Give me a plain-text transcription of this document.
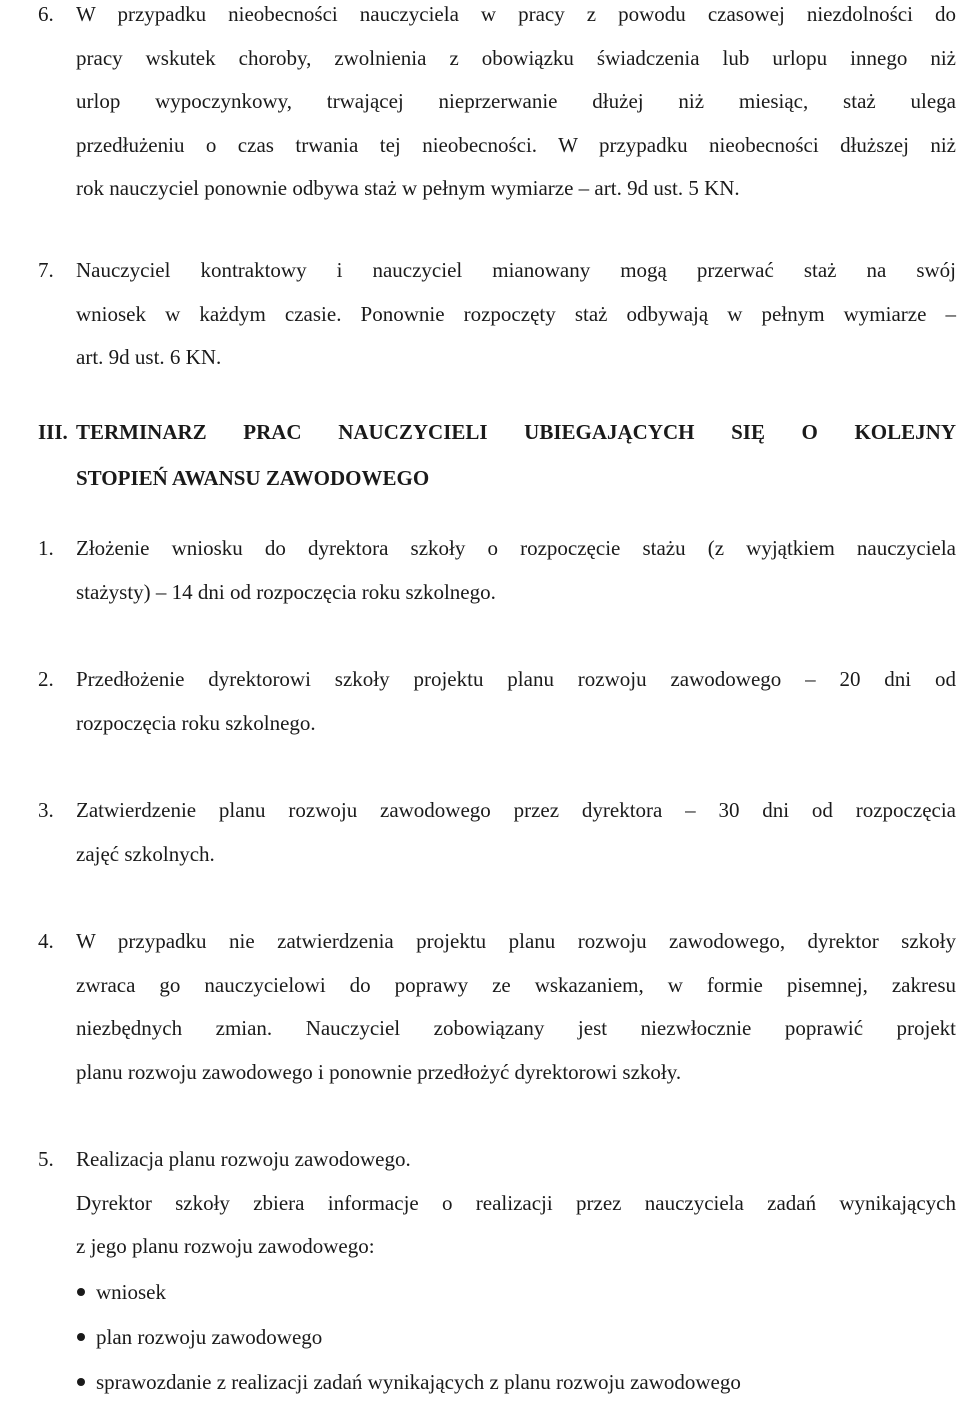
6. W przypadku nieobecności nauczyciela w pracy z powodu czasowej niezdolności do
pracy wskutek choroby, zwolnienia z obowiązku świadczenia lub urlopu innego niż
urlop wypoczynkowy, trwającej nieprzerwanie dłużej niż miesiąc, staż ulega
przedłużeniu o czas trwania tej nieobecności. W przypadku nieobecności dłuższej niż
rok nauczyciel ponownie odbywa staż w pełnym wymiarze – art. 9d ust. 5 KN.
7. Nauczyciel kontraktowy i nauczyciel mianowany mogą przerwać staż na swój
wniosek w każdym czasie. Ponownie rozpoczęty staż odbywają w pełnym wymiarze –
art. 9d ust. 6 KN.
III. TERMINARZ PRAC NAUCZYCIELI UBIEGAJĄCYCH SIĘ O KOLEJNY
STOPIEŃ AWANSU ZAWODOWEGO
1. Złożenie wniosku do dyrektora szkoły o rozpoczęcie stażu (z wyjątkiem nauczyciela
stażysty) – 14 dni od rozpoczęcia roku szkolnego.
2. Przedłożenie dyrektorowi szkoły projektu planu rozwoju zawodowego – 20 dni od
rozpoczęcia roku szkolnego.
3. Zatwierdzenie planu rozwoju zawodowego przez dyrektora – 30 dni od rozpoczęcia
zajęć szkolnych.
4. W przypadku nie zatwierdzenia projektu planu rozwoju zawodowego, dyrektor szkoły
zwraca go nauczycielowi do poprawy ze wskazaniem, w formie pisemnej, zakresu
niezbędnych zmian. Nauczyciel zobowiązany jest niezwłocznie poprawić projekt
planu rozwoju zawodowego i ponownie przedłożyć dyrektorowi szkoły.
5. Realizacja planu rozwoju zawodowego.
Dyrektor szkoły zbiera informacje o realizacji przez nauczyciela zadań wynikających
z jego planu rozwoju zawodowego:
wniosek
plan rozwoju zawodowego
sprawozdanie z realizacji zadań wynikających z planu rozwoju zawodowego
